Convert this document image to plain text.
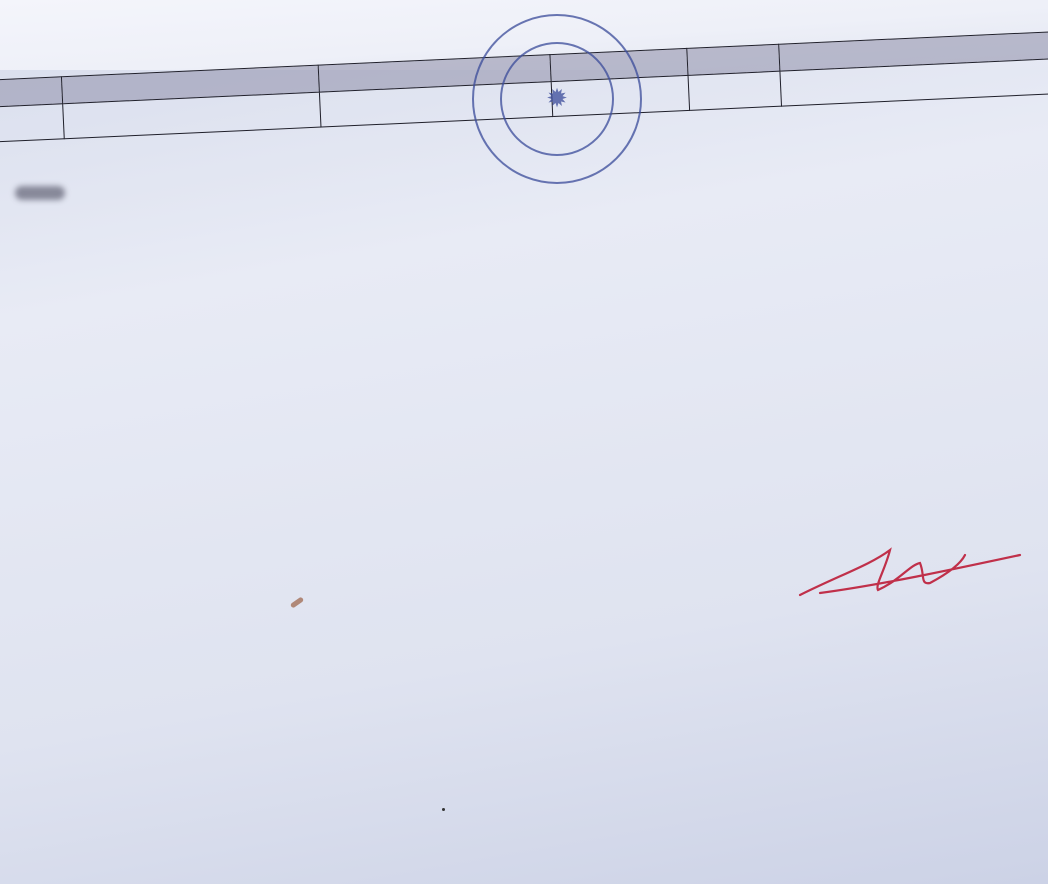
✹
